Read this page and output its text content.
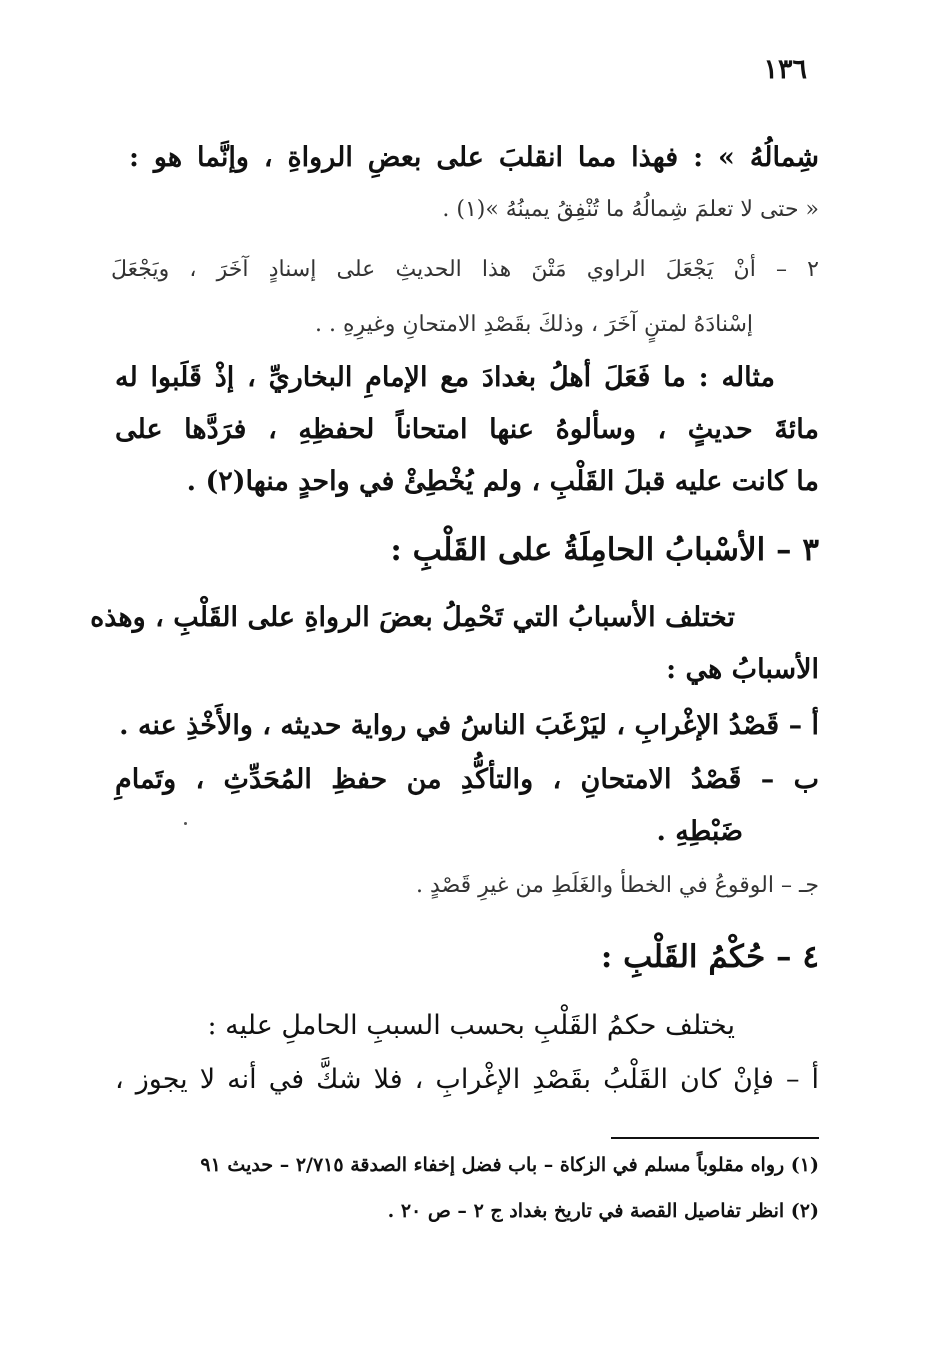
١٣٦
شِمالُهُ » : فهذا مما انقلبَ على بعضِ الرواةِ ، وإنَّما هو :
« حتى لا تعلمَ شِمالُهُ ما تُنْفِقُ يمينُهُ »(١) .
٢ – أنْ يَجْعَلَ الراوي مَتْنَ هذا الحديثِ على إسنادٍ آخَرَ ، ويَجْعَلَ
إسْنادَهُ لمتنٍ آخَرَ ، وذلكَ بقَصْدِ الامتحانِ وغيرِهِ . .
مثاله : ما فَعَلَ أهلُ بغدادَ مع الإمامِ البخاريِّ ، إذْ قَلَبوا له
مائةَ حديثٍ ، وسألوهُ عنها امتحاناً لحفظِهِ ، فرَدَّها على
ما كانت عليه قبلَ القَلْبِ ، ولم يُخْطِئْ في واحدٍ منها(٢) .
٣ – الأسْبابُ الحامِلَةُ على القَلْبِ :
تختلف الأسبابُ التي تَحْمِلُ بعضَ الرواةِ على القَلْبِ ، وهذه
الأسبابُ هي :
أ – قَصْدُ الإغْرابِ ، ليَرْغَبَ الناسُ في رواية حديثه ، والأَخْذِ عنه .
ب – قَصْدُ الامتحانِ ، والتأكُّدِ من حفظِ المُحَدِّثِ ، وتَمامِ
ضَبْطِهِ .
جـ – الوقوعُ في الخطأ والغَلَطِ من غيرِ قَصْدٍ .
٤ – حُكْمُ القَلْبِ :
يختلف حكمُ القَلْبِ بحسب السببِ الحاملِ عليه :
أ – فإنْ كان القَلْبُ بقَصْدِ الإغْرابِ ، فلا شكَّ في أنه لا يجوز ،
(١) رواه مقلوباً مسلم في الزكاة – باب فضل إخفاء الصدقة ٢/٧١٥ – حديث ٩١
(٢) انظر تفاصيل القصة في تاريخ بغداد ج ٢ – ص ٢٠ .
